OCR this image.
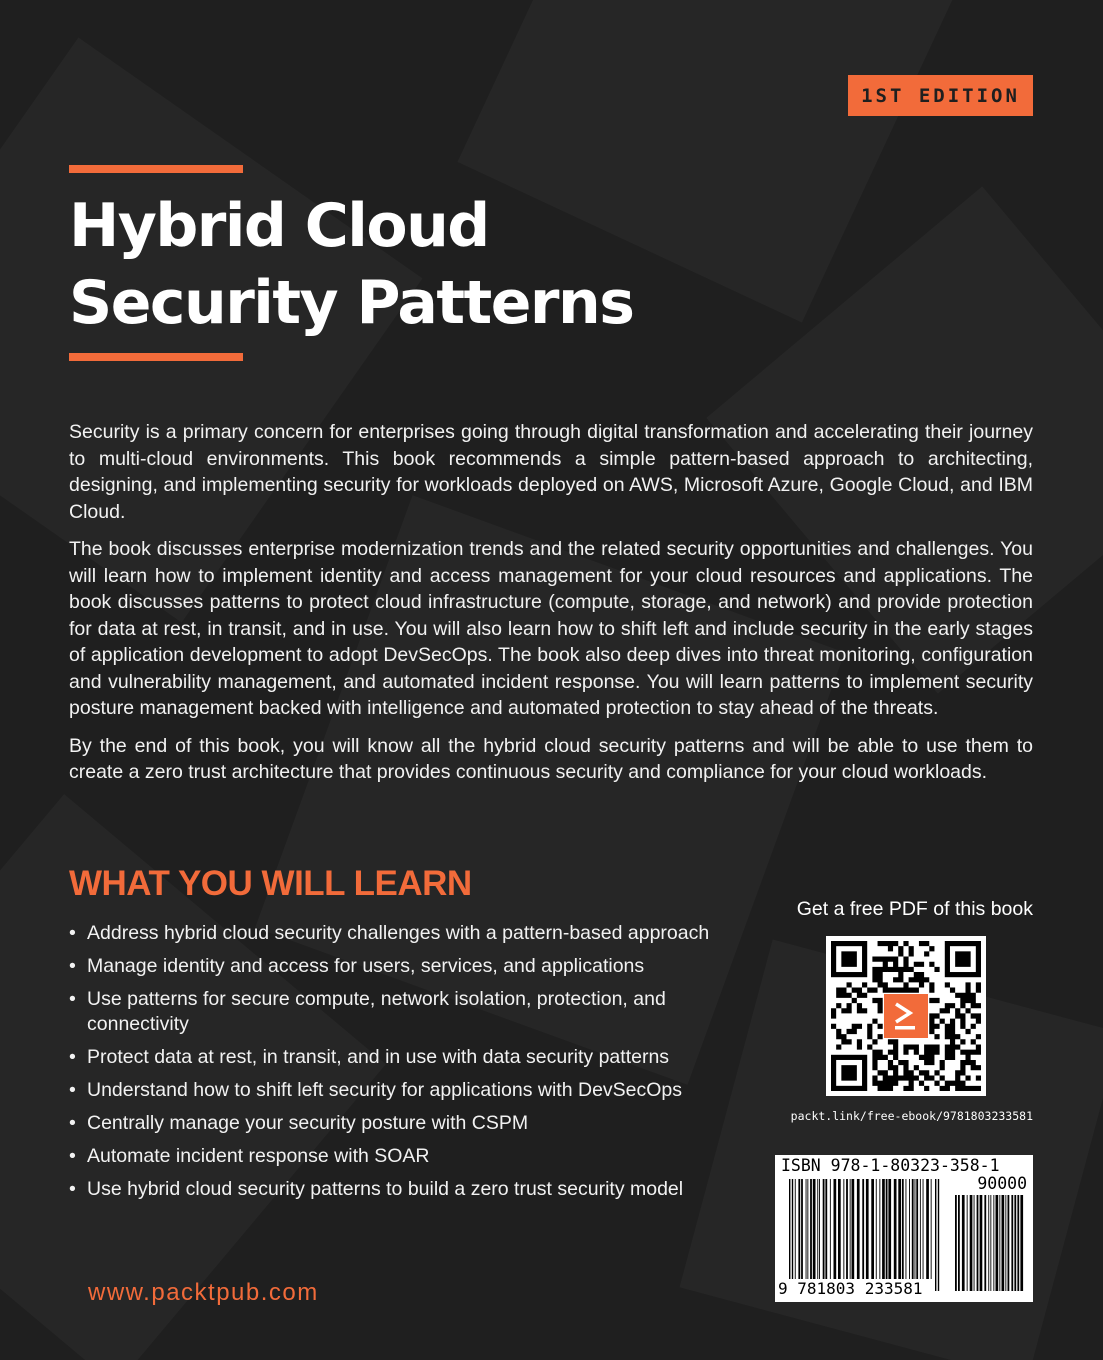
1ST EDITION
Hybrid Cloud
Security Patterns

Security is a primary concern for enterprises going through digital transformation and accelerating their journey to multi-cloud environments. This book recommends a simple pattern-based approach to architecting, designing, and implementing security for workloads deployed on AWS, Microsoft Azure, Google Cloud, and IBM Cloud.

The book discusses enterprise modernization trends and the related security opportunities and challenges. You will learn how to implement identity and access management for your cloud resources and applications. The book discusses patterns to protect cloud infrastructure (compute, storage, and network) and provide protection for data at rest, in transit, and in use. You will also learn how to shift left and include security in the early stages of application development to adopt DevSecOps. The book also deep dives into threat monitoring, configuration and vulnerability management, and automated incident response. You will learn patterns to implement security posture management backed with intelligence and automated protection to stay ahead of the threats.

By the end of this book, you will know all the hybrid cloud security patterns and will be able to use them to create a zero trust architecture that provides continuous security and compliance for your cloud workloads.

WHAT YOU WILL LEARN
• Address hybrid cloud security challenges with a pattern-based approach
• Manage identity and access for users, services, and applications
• Use patterns for secure compute, network isolation, protection, and connectivity
• Protect data at rest, in transit, and in use with data security patterns
• Understand how to shift left security for applications with DevSecOps
• Centrally manage your security posture with CSPM
• Automate incident response with SOAR
• Use hybrid cloud security patterns to build a zero trust security model
www.packtpub.com
Get a free PDF of this book
packt.link/free-ebook/9781803233581
ISBN 978-1-80323-358-1
90000
9 781803 233581
